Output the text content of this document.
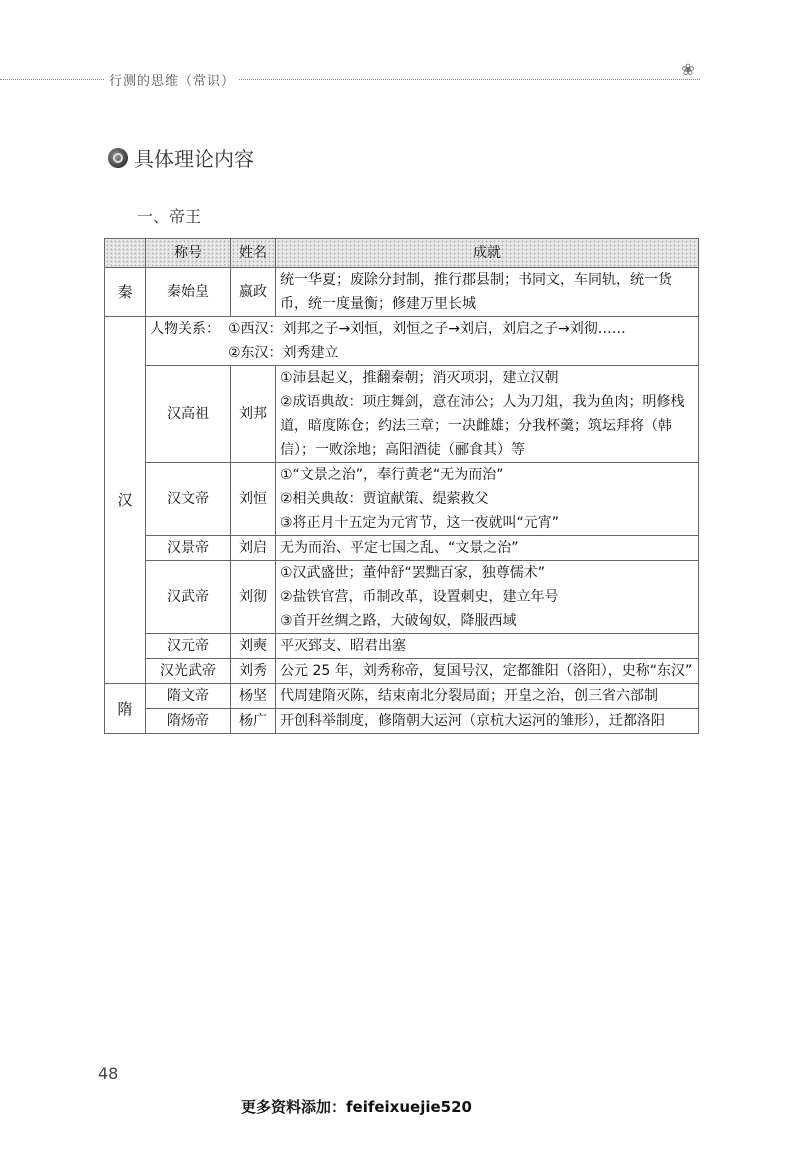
行测的思维（常识）
❀
具体理论内容
一、帝王
	称号	姓名	成就
秦	秦始皇	嬴政	统一华夏；废除分封制，推行郡县制；书同文，车同轨，统一货币，统一度量衡；修建万里长城
汉	人物关系： ①西汉：刘邦之子→刘恒，刘恒之子→刘启，刘启之子→刘彻……
②东汉：刘秀建立		

	汉高祖	刘邦	①沛县起义，推翻秦朝；消灭项羽，建立汉朝
②成语典故：项庄舞剑，意在沛公；人为刀俎，我为鱼肉；明修栈道，暗度陈仓；约法三章；一决雌雄；分我杯羹；筑坛拜将（韩信）；一败涂地；高阳酒徒（郦食其）等

	汉文帝	刘恒	①“文景之治”，奉行黄老“无为而治”
②相关典故：贾谊献策、缇萦救父
③将正月十五定为元宵节，这一夜就叫“元宵”

	汉景帝	刘启	无为而治、平定七国之乱、“文景之治”

	汉武帝	刘彻	①汉武盛世；董仲舒“罢黜百家，独尊儒术”
②盐铁官营，币制改革，设置刺史，建立年号
③首开丝绸之路，大破匈奴，降服西域

	汉元帝	刘奭	平灭郅支、昭君出塞

	汉光武帝	刘秀	公元 25 年，刘秀称帝，复国号汉，定都雒阳（洛阳），史称“东汉”

隋	隋文帝	杨坚	代周建隋灭陈，结束南北分裂局面；开皇之治，创三省六部制

	隋炀帝	杨广	开创科举制度，修隋朝大运河（京杭大运河的雏形），迁都洛阳
48
更多资料添加：feifeixuejie520
